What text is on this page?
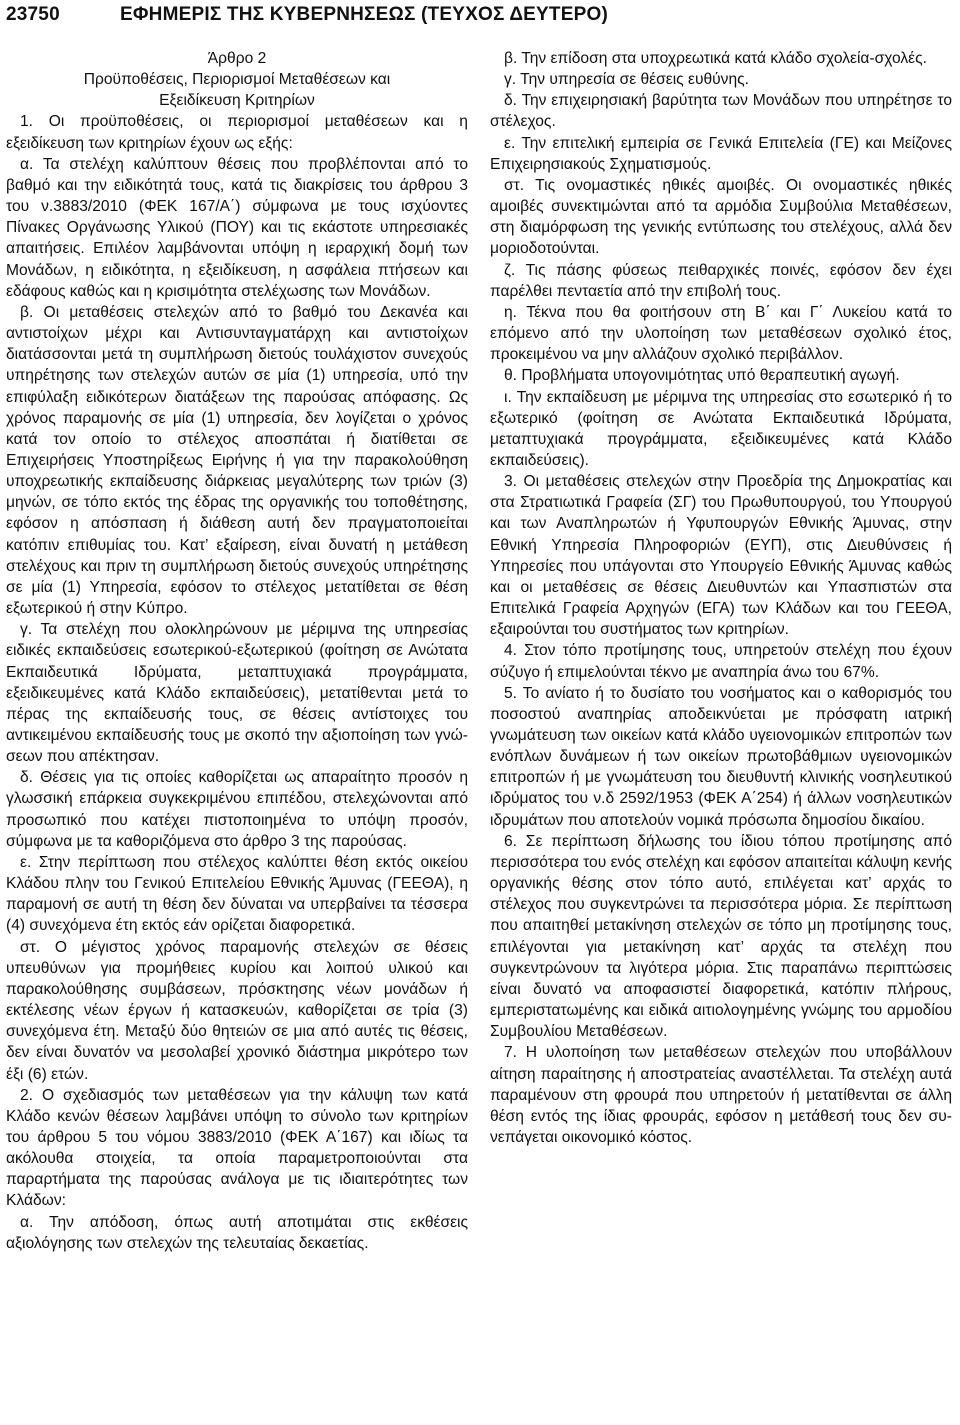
23750	ΕΦΗΜΕΡΙΣ ΤΗΣ ΚΥΒΕΡΝΗΣΕΩΣ (ΤΕΥΧΟΣ ΔΕΥΤΕΡΟ)

Άρθρο 2

Προϋποθέσεις, Περιορισμοί Μεταθέσεων και

Εξειδίκευση Κριτηρίων

1. Οι προϋποθέσεις, οι περιορισμοί μεταθέσεων και η εξειδίκευση των κριτηρίων έχουν ως εξής:

α. Τα στελέχη καλύπτουν θέσεις που προβλέπονται από το βαθμό και την ειδικότητά τους, κατά τις διακρίσεις του άρθρου 3 του ν.3883/2010 (ΦΕΚ 167/Α΄) σύμφωνα με τους ισχύοντες Πίνακες Οργάνωσης Υλικού (ΠΟΥ) και τις εκάστοτε υπηρεσιακές απαιτήσεις. Επιλέον λαμβάνονται υπόψη η ιεραρχική δομή των Μονάδων, η ειδικότητα, η εξειδίκευση, η ασφάλεια πτήσεων και εδάφους καθώς και η κρισιμότητα στελέχωσης των Μονάδων.

β. Οι μεταθέσεις στελεχών από το βαθμό του Δεκανέα και αντιστοίχων μέχρι και Αντισυνταγματάρχη και αντιστοίχων διατάσσονται μετά τη συμπλήρωση διετούς τουλάχιστον συνεχούς υπηρέτησης των στελεχών αυτών σε μία (1) υπηρεσία, υπό την επιφύλαξη ειδικότερων διατάξεων της παρούσας απόφασης. Ως χρόνος παραμονής σε μία (1) υπηρεσία, δεν λογίζεται ο χρόνος κατά τον οποίο το στέλεχος αποσπάται ή διατίθεται σε Επιχειρήσεις Υποστηρίξεως Ειρήνης ή για την παρακολούθηση υποχρεωτικής εκπαίδευσης διάρκειας μεγαλύτερης των τριών (3) μηνών, σε τόπο εκτός της έδρας της οργανικής του τοποθέτησης, εφόσον η απόσπαση ή διάθεση αυτή δεν πραγματοποιείται κατόπιν επιθυμίας του. Κατ’ εξαίρεση, είναι δυνατή η μετάθεση στελέχους και πριν τη συμπλήρωση διετούς συνεχούς υπηρέτησης σε μία (1) Υπηρεσία, εφόσον το στέλεχος μετατίθεται σε θέση εξωτερικού ή στην Κύπρο.

γ. Τα στελέχη που ολοκληρώνουν με μέριμνα της υπηρεσίας ειδικές εκπαιδεύσεις εσωτερικού-εξωτερικού (φοίτηση σε Ανώτατα Εκπαιδευτικά Ιδρύματα, μεταπτυχιακά προγράμματα, εξειδικευμένες κατά Κλάδο εκπαιδεύσεις), μετατίθενται μετά το πέρας της εκπαίδευσής τους, σε θέσεις αντίστοιχες του αντικειμένου εκπαίδευσής τους με σκοπό την αξιοποίηση των γνώσεων που απέκτησαν.

δ. Θέσεις για τις οποίες καθορίζεται ως απαραίτητο προσόν η γλωσσική επάρκεια συγκεκριμένου επιπέδου, στελεχώνονται από προσωπικό που κατέχει πιστοποιημένα το υπόψη προσόν, σύμφωνα με τα καθοριζόμενα στο άρθρο 3 της παρούσας.

ε. Στην περίπτωση που στέλεχος καλύπτει θέση εκτός οικείου Κλάδου πλην του Γενικού Επιτελείου Εθνικής Άμυνας (ΓΕΕΘΑ), η παραμονή σε αυτή τη θέση δεν δύναται να υπερβαίνει τα τέσσερα (4) συνεχόμενα έτη εκτός εάν ορίζεται διαφορετικά.

στ. Ο μέγιστος χρόνος παραμονής στελεχών σε θέσεις υπευθύνων για προμήθειες κυρίου και λοιπού υλικού και παρακολούθησης συμβάσεων, πρόσκτησης νέων μονάδων ή εκτέλεσης νέων έργων ή κατασκευών, καθορίζεται σε τρία (3) συνεχόμενα έτη. Μεταξύ δύο θητειών σε μια από αυτές τις θέσεις, δεν είναι δυνατόν να μεσολαβεί χρονικό διάστημα μικρότερο των έξι (6) ετών.

2. Ο σχεδιασμός των μεταθέσεων για την κάλυψη των κατά Κλάδο κενών θέσεων λαμβάνει υπόψη το σύνολο των κριτηρίων του άρθρου 5 του νόμου 3883/2010 (ΦΕΚ Α΄167) και ιδίως τα ακόλουθα στοιχεία, τα οποία παραμετροποιούνται στα παραρτήματα της παρούσας ανάλογα με τις ιδιαιτερότητες των Κλάδων:

α. Την απόδοση, όπως αυτή αποτιμάται στις εκθέσεις αξιολόγησης των στελεχών της τελευταίας δεκαετίας.

β. Την επίδοση στα υποχρεωτικά κατά κλάδο σχολεία-σχολές.

γ. Την υπηρεσία σε θέσεις ευθύνης.

δ. Την επιχειρησιακή βαρύτητα των Μονάδων που υπηρέτησε το στέλεχος.

ε. Την επιτελική εμπειρία σε Γενικά Επιτελεία (ΓΕ) και Μείζονες Επιχειρησιακούς Σχηματισμούς.

στ. Τις ονομαστικές ηθικές αμοιβές. Οι ονομαστικές ηθικές αμοιβές συνεκτιμώνται από τα αρμόδια Συμβούλια Μεταθέσεων, στη διαμόρφωση της γενικής εντύπωσης του στελέχους, αλλά δεν μοριοδοτούνται.

ζ. Τις πάσης φύσεως πειθαρχικές ποινές, εφόσον δεν έχει παρέλθει πενταετία από την επιβολή τους.

η. Τέκνα που θα φοιτήσουν στη Β΄ και Γ΄ Λυκείου κατά το επόμενο από την υλοποίηση των μεταθέσεων σχολικό έτος, προκειμένου να μην αλλάζουν σχολικό περιβάλλον.

θ. Προβλήματα υπογονιμότητας υπό θεραπευτική αγωγή.

ι. Την εκπαίδευση με μέριμνα της υπηρεσίας στο εσωτερικό ή το εξωτερικό (φοίτηση σε Ανώτατα Εκπαιδευτικά Ιδρύματα, μεταπτυχιακά προγράμματα, εξειδικευμένες κατά Κλάδο εκπαιδεύσεις).

3. Οι μεταθέσεις στελεχών στην Προεδρία της Δημοκρατίας και στα Στρατιωτικά Γραφεία (ΣΓ) του Πρωθυπουργού, του Υπουργού και των Αναπληρωτών ή Υφυπουργών Εθνικής Άμυνας, στην Εθνική Υπηρεσία Πληροφοριών (ΕΥΠ), στις Διευθύνσεις ή Υπηρεσίες που υπάγονται στο Υπουργείο Εθνικής Άμυνας καθώς και οι μεταθέσεις σε θέσεις Διευθυντών και Υπασπιστών στα Επιτελικά Γραφεία Αρχηγών (ΕΓΑ) των Κλάδων και του ΓΕΕΘΑ, εξαιρούνται του συστήματος των κριτηρίων.

4. Στον τόπο προτίμησης τους, υπηρετούν στελέχη που έχουν σύζυγο ή επιμελούνται τέκνο με αναπηρία άνω του 67%.

5. Το ανίατο ή το δυσίατο του νοσήματος και ο καθορισμός του ποσοστού αναπηρίας αποδεικνύεται με πρόσφατη ιατρική γνωμάτευση των οικείων κατά κλάδο υγειονομικών επιτροπών των ενόπλων δυνάμεων ή των οικείων πρωτοβάθμιων υγειονομικών επιτροπών ή με γνωμάτευση του διευθυντή κλινικής νοσηλευτικού ιδρύματος του ν.δ 2592/1953 (ΦΕΚ Α΄254) ή άλλων νοσηλευτικών ιδρυμάτων που αποτελούν νομικά πρόσωπα δημοσίου δικαίου.

6. Σε περίπτωση δήλωσης του ίδιου τόπου προτίμησης από περισσότερα του ενός στελέχη και εφόσον απαιτείται κάλυψη κενής οργανικής θέσης στον τόπο αυτό, επιλέγεται κατ’ αρχάς το στέλεχος που συγκεντρώνει τα περισσότερα μόρια. Σε περίπτωση που απαιτηθεί μετακίνηση στελεχών σε τόπο μη προτίμησης τους, επιλέγονται για μετακίνηση κατ’ αρχάς τα στελέχη που συγκεντρώνουν τα λιγότερα μόρια. Στις παραπάνω περιπτώσεις είναι δυνατό να αποφασιστεί διαφορετικά, κατόπιν πλήρους, εμπεριστατωμένης και ειδικά αιτιολογημένης γνώμης του αρμοδίου Συμβουλίου Μεταθέσεων.

7. Η υλοποίηση των μεταθέσεων στελεχών που υποβάλλουν αίτηση παραίτησης ή αποστρατείας αναστέλλεται. Τα στελέχη αυτά παραμένουν στη φρουρά που υπηρετούν ή μετατίθενται σε άλλη θέση εντός της ίδιας φρουράς, εφόσον η μετάθεσή τους δεν συνεπάγεται οικονομικό κόστος.
